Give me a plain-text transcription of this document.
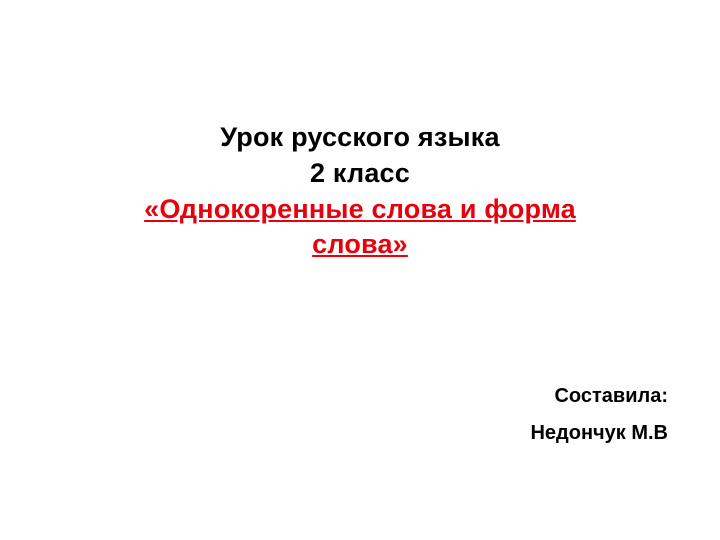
Урок русского языка
2 класс
«Однокоренные слова и форма
слова»
Составила:
Недончук М.В
